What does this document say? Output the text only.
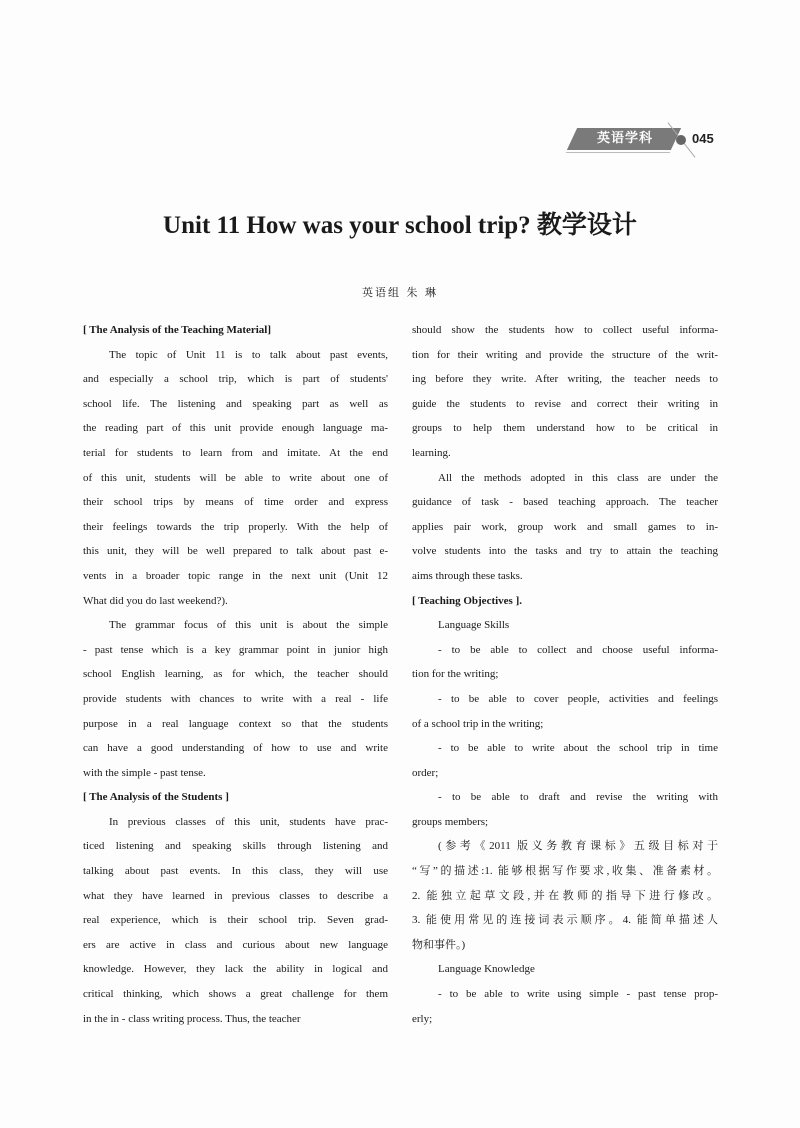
英语学科	045
Unit 11 How was your school trip? 教学设计
英语组 朱 琳
[ The Analysis of the Teaching Material]
The topic of Unit 11 is to talk about past events,
and especially a school trip, which is part of students'
school life. The listening and speaking part as well as
the reading part of this unit provide enough language ma-
terial for students to learn from and imitate. At the end
of this unit, students will be able to write about one of
their school trips by means of time order and express
their feelings towards the trip properly. With the help of
this unit, they will be well prepared to talk about past e-
vents in a broader topic range in the next unit (Unit 12
What did you do last weekend?).
The grammar focus of this unit is about the simple
- past tense which is a key grammar point in junior high
school English learning, as for which, the teacher should
provide students with chances to write with a real - life
purpose in a real language context so that the students
can have a good understanding of how to use and write
with the simple - past tense.
[ The Analysis of the Students ]
In previous classes of this unit, students have prac-
ticed listening and speaking skills through listening and
talking about past events. In this class, they will use
what they have learned in previous classes to describe a
real experience, which is their school trip. Seven grad-
ers are active in class and curious about new language
knowledge. However, they lack the ability in logical and
critical thinking, which shows a great challenge for them
in the in - class writing process. Thus, the teacher
should show the students how to collect useful informa-
tion for their writing and provide the structure of the writ-
ing before they write. After writing, the teacher needs to
guide the students to revise and correct their writing in
groups to help them understand how to be critical in
learning.
All the methods adopted in this class are under the
guidance of task - based teaching approach. The teacher
applies pair work, group work and small games to in-
volve students into the tasks and try to attain the teaching
aims through these tasks.
[ Teaching Objectives ].
Language Skills
- to be able to collect and choose useful informa-
tion for the writing;
- to be able to cover people, activities and feelings
of a school trip in the writing;
- to be able to write about the school trip in time
order;
- to be able to draft and revise the writing with
groups members;
(参考《2011 版义务教育课标》五级目标对于
“写”的描述:1. 能够根据写作要求,收集、准备素材。
2. 能独立起草文段,并在教师的指导下进行修改。
3. 能使用常见的连接词表示顺序。4. 能简单描述人
物和事件。)
Language Knowledge
- to be able to write using simple - past tense prop-
erly;
